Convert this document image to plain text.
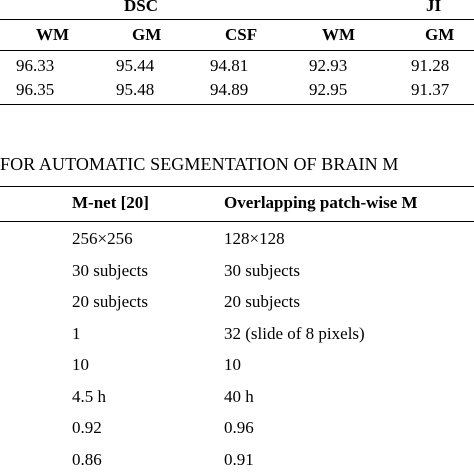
DSC	JI
WM	GM	CSF	WM	GM
96.33	95.44	94.81	92.93	91.28
96.35	95.48	94.89	92.95	91.37
FOR AUTOMATIC SEGMENTATION OF BRAIN M
M-net [20]	Overlapping patch-wise M
256×256	128×128
30 subjects	30 subjects
20 subjects	20 subjects
1	32 (slide of 8 pixels)
10	10
4.5 h	40 h
0.92	0.96
0.86	0.91
